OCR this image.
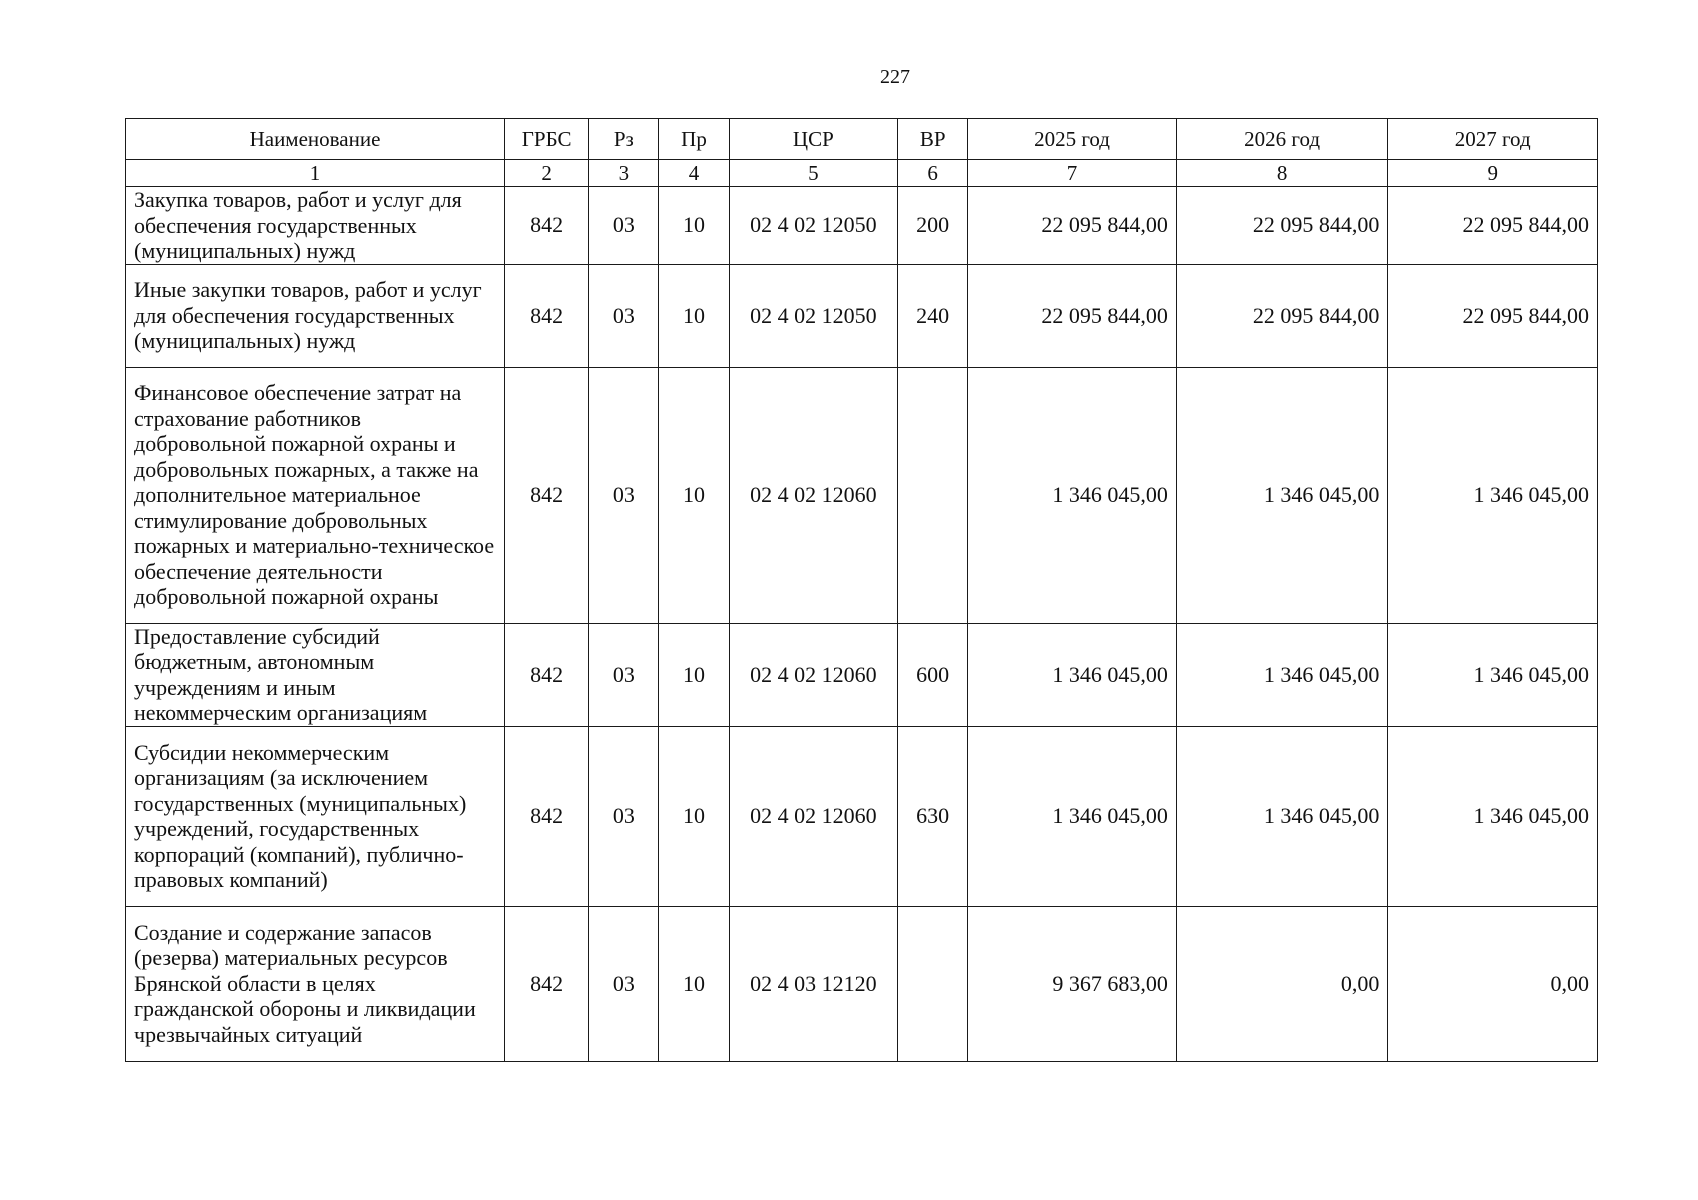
227
Наименование	ГРБС	Рз	Пр	ЦСР	ВР	2025 год	2026 год	2027 год
1	2	3	4	5	6	7	8	9
Закупка товаров, работ и услуг для обеспечения государственных (муниципальных) нужд	842	03	10	02 4 02 12050	200	22 095 844,00	22 095 844,00	22 095 844,00
Иные закупки товаров, работ и услуг для обеспечения государственных (муниципальных) нужд	842	03	10	02 4 02 12050	240	22 095 844,00	22 095 844,00	22 095 844,00
Финансовое обеспечение затрат на страхование работников добровольной пожарной охраны и добровольных пожарных, а также на дополнительное материальное стимулирование добровольных пожарных и материально-техническое обеспечение деятельности добровольной пожарной охраны	842	03	10	02 4 02 12060		1 346 045,00	1 346 045,00	1 346 045,00
Предоставление субсидий бюджетным, автономным учреждениям и иным некоммерческим организациям	842	03	10	02 4 02 12060	600	1 346 045,00	1 346 045,00	1 346 045,00
Субсидии некоммерческим организациям (за исключением государственных (муниципальных) учреждений, государственных корпораций (компаний), публично-правовых компаний)	842	03	10	02 4 02 12060	630	1 346 045,00	1 346 045,00	1 346 045,00
Создание и содержание запасов (резерва) материальных ресурсов Брянской области в целях гражданской обороны и ликвидации чрезвычайных ситуаций	842	03	10	02 4 03 12120		9 367 683,00	0,00	0,00
